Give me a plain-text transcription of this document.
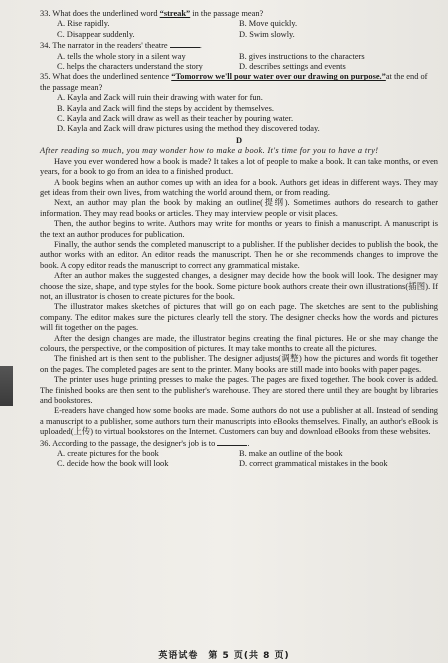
33. What does the underlined word “streak” in the passage mean?

A. Rise rapidly.	B. Move quickly.
C. Disappear suddenly.	D. Swim slowly.

34. The narrator in the readers' theatre	.

A. tells the whole story in a silent way	B. gives instructions to the characters
C. helps the characters understand the story	D. describes settings and events

35. What does the underlined sentence “Tomorrow we'll pour water over our drawing on purpose.”at the end of the passage mean?

A. Kayla and Zack will ruin their drawing with water for fun.
B. Kayla and Zack will find the steps by accident by themselves.
C. Kayla and Zack will draw as well as their teacher by pouring water.
D. Kayla and Zack will draw pictures using the method they discovered today.
D

After reading so much, you may wonder how to make a book. It's time for you to have a try!

Have you ever wondered how a book is made? It takes a lot of people to make a book. It can take months, or even years, for a book to go from an idea to a finished product.

A book begins when an author comes up with an idea for a book. Authors get ideas in different ways. They may get ideas from their own lives, from watching the world around them, or from reading.

Next, an author may plan the book by making an outline(提纲). Sometimes authors do research to gather information. They may read books or articles. They may interview people or visit places.

Then, the author begins to write. Authors may write for months or years to finish a manuscript. A manuscript is the text an author produces for publication.

Finally, the author sends the completed manuscript to a publisher. If the publisher decides to publish the book, the author works with an editor. An editor reads the manuscript. Then he or she recommends changes to improve the book. A copy editor reads the manuscript to correct any grammatical mistake.

After an author makes the suggested changes, a designer may decide how the book will look. The designer may choose the size, shape, and type styles for the book. Some picture book authors create their own illustrations(插图). If not, an illustrator is chosen to create pictures for the book.

The illustrator makes sketches of pictures that will go on each page. The sketches are sent to the publishing company. The editor makes sure the pictures clearly tell the story. The designer checks how the words and pictures will fit together on the pages.

After the design changes are made, the illustrator begins creating the final pictures. He or she may change the colours, the perspective, or the composition of pictures. It may take months to create all the pictures.

The finished art is then sent to the publisher. The designer adjusts(调整) how the pictures and words fit together on the pages. The completed pages are sent to the printer. Many books are still made into books with paper pages.

The printer uses huge printing presses to make the pages. The pages are fixed together. The book cover is added. The finished books are then sent to the publisher's warehouse. They are stored there until they are bought by libraries and bookstores.

E-readers have changed how some books are made. Some authors do not use a publisher at all. Instead of sending a manuscript to a publisher, some authors turn their manuscripts into eBooks themselves. Finally, an author's eBook is uploaded(上传) to virtual bookstores on the Internet. Customers can buy and download eBooks from these websites.

36. According to the passage, the designer's job is to	.

A. create pictures for the book	B. make an outline of the book
C. decide how the book will look	D. correct grammatical mistakes in the book
英语试卷　第 5 页(共 8 页)
